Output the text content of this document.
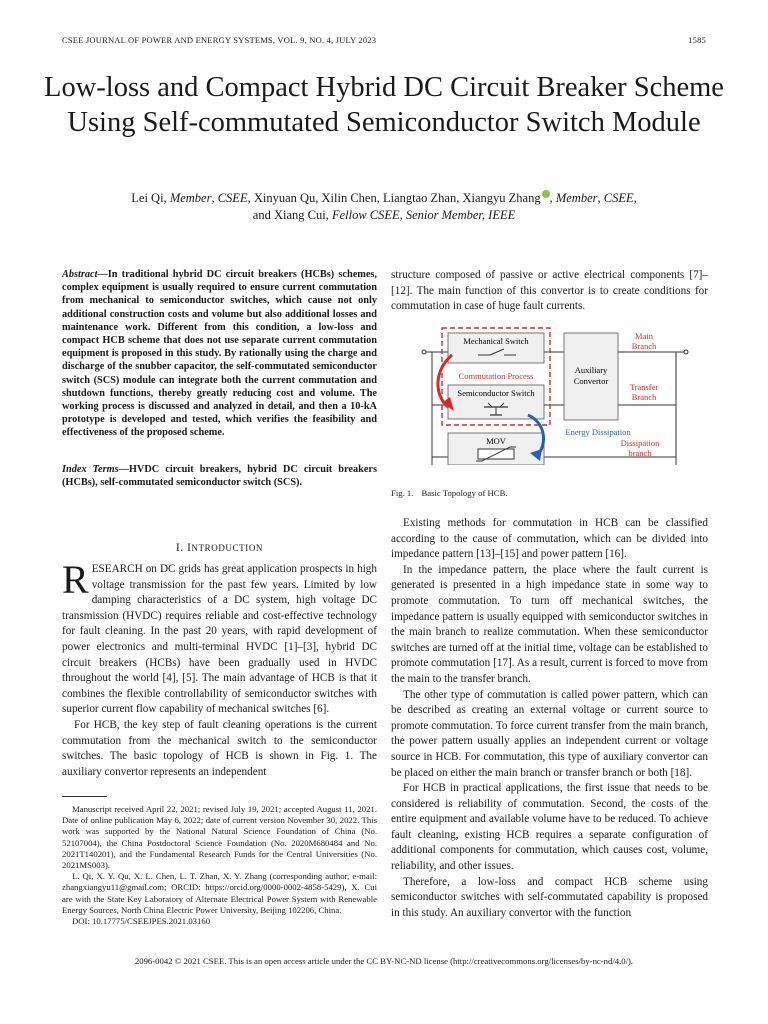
CSEE JOURNAL OF POWER AND ENERGY SYSTEMS, VOL. 9, NO. 4, JULY 2023	1585
Low-loss and Compact Hybrid DC Circuit Breaker Scheme Using Self-commutated Semiconductor Switch Module
Lei Qi, Member, CSEE, Xinyuan Qu, Xilin Chen, Liangtao Zhan, Xiangyu Zhang , Member, CSEE,
and Xiang Cui, Fellow CSEE, Senior Member, IEEE
Abstract—In traditional hybrid DC circuit breakers (HCBs) schemes, complex equipment is usually required to ensure current commutation from mechanical to semiconductor switches, which cause not only additional construction costs and volume but also additional losses and maintenance work. Different from this condition, a low-loss and compact HCB scheme that does not use separate current commutation equipment is proposed in this study. By rationally using the charge and discharge of the snubber capacitor, the self-commutated semiconductor switch (SCS) module can integrate both the current commutation and shutdown functions, thereby greatly reducing cost and volume. The working process is discussed and analyzed in detail, and then a 10-kA prototype is developed and tested, which verifies the feasibility and effectiveness of the proposed scheme.
Index Terms—HVDC circuit breakers, hybrid DC circuit breakers (HCBs), self-commutated semiconductor switch (SCS).
I. INTRODUCTION

RESEARCH on DC grids has great application prospects in high voltage transmission for the past few years. Limited by low damping characteristics of a DC system, high voltage DC transmission (HVDC) requires reliable and cost-effective technology for fault cleaning. In the past 20 years, with rapid development of power electronics and multi-terminal HVDC [1]–[3], hybrid DC circuit breakers (HCBs) have been gradually used in HVDC throughout the world [4], [5]. The main advantage of HCB is that it combines the flexible controllability of semiconductor switches with superior current flow capability of mechanical switches [6].

For HCB, the key step of fault cleaning operations is the current commutation from the mechanical switch to the semiconductor switches. The basic topology of HCB is shown in Fig. 1. The auxiliary convertor represents an independent

Manuscript received April 22, 2021; revised July 19, 2021; accepted August 11, 2021. Date of online publication May 6, 2022; date of current version November 30, 2022. This work was supported by the National Natural Science Foundation of China (No. 52107004), the China Postdoctoral Science Foundation (No. 2020M680484 and No. 2021T140201), and the Fundamental Research Funds for the Central Universities (No. 2021MS003).

L. Qi, X. Y. Qu, X. L. Chen, L. T. Zhan, X. Y. Zhang (corresponding author, e-mail: zhangxiangyu11@gmail.com; ORCID: https://orcid.org/0000-0002-4858-5429), X. Cui are with the State Key Laboratory of Alternate Electrical Power System with Renewable Energy Sources, North China Electric Power University, Beijing 102206, China.

DOI: 10.17775/CSEEJPES.2021.03160

structure composed of passive or active electrical components [7]–[12]. The main function of this convertor is to create conditions for commutation in case of huge fault currents.

Mechanical Switch
Commutation Process
Semiconductor Switch
Auxiliary
Convertor
MOV
Main
Branch
Transfer
Branch
Energy Dissipation
Dissipation
branch
Fig. 1. Basic Topology of HCB.

Existing methods for commutation in HCB can be classified according to the cause of commutation, which can be divided into impedance pattern [13]–[15] and power pattern [16].

In the impedance pattern, the place where the fault current is generated is presented in a high impedance state in some way to promote commutation. To turn off mechanical switches, the impedance pattern is usually equipped with semiconductor switches in the main branch to realize commutation. When these semiconductor switches are turned off at the initial time, voltage can be established to promote commutation [17]. As a result, current is forced to move from the main to the transfer branch.

The other type of commutation is called power pattern, which can be described as creating an external voltage or current source to promote commutation. To force current transfer from the main branch, the power pattern usually applies an independent current or voltage source in HCB. For commutation, this type of auxiliary convertor can be placed on either the main branch or transfer branch or both [18].

For HCB in practical applications, the first issue that needs to be considered is reliability of commutation. Second, the costs of the entire equipment and available volume have to be reduced. To achieve fault cleaning, existing HCB requires a separate configuration of additional components for commutation, which causes cost, volume, reliability, and other issues.

Therefore, a low-loss and compact HCB scheme using semiconductor switches with self-commutated capability is proposed in this study. An auxiliary convertor with the function

2096-0042 © 2021 CSEE. This is an open access article under the CC BY-NC-ND license (http://creativecommons.org/licenses/by-nc-nd/4.0/).
